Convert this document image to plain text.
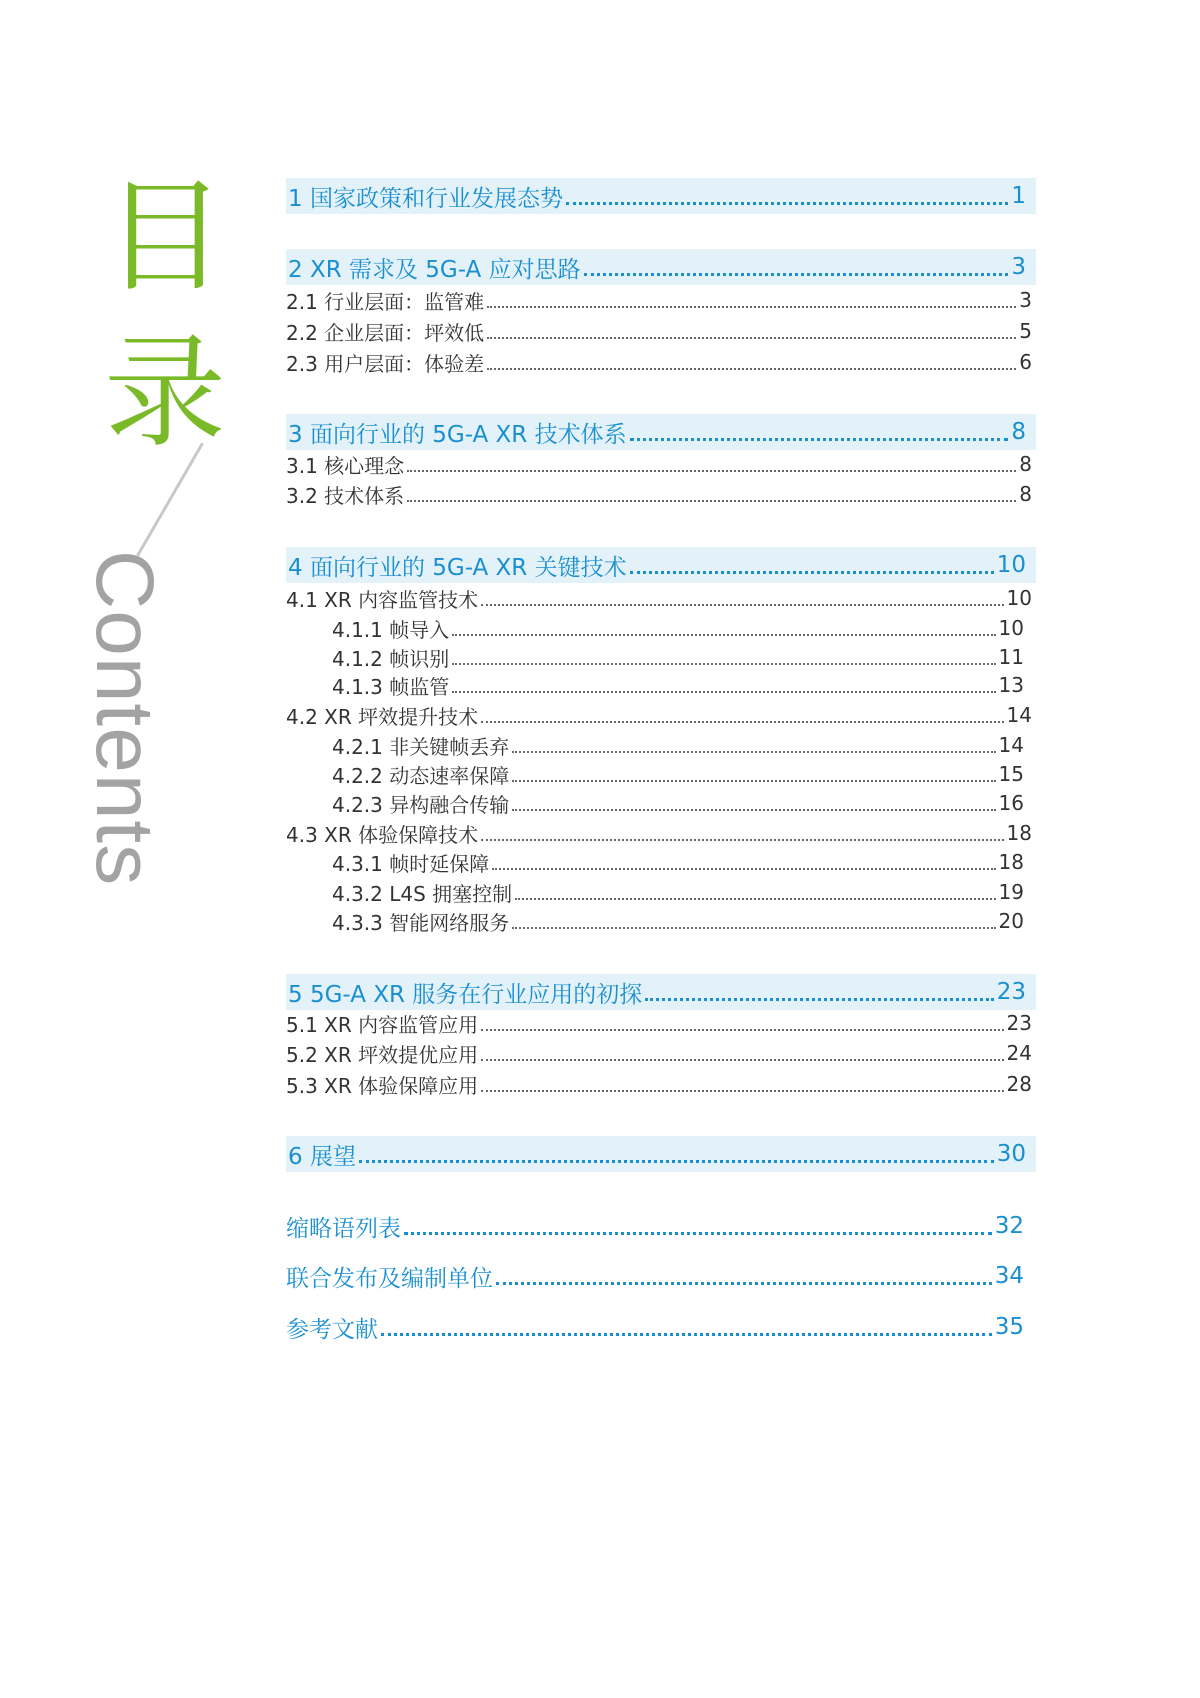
目
录
Contents
1 国家政策和行业发展态势	1
2 XR 需求及 5G-A 应对思路	3
2.1 行业层面：监管难	3
2.2 企业层面：坪效低	5
2.3 用户层面：体验差	6
3 面向行业的 5G-A XR 技术体系	8
3.1 核心理念	8
3.2 技术体系	8
4 面向行业的 5G-A XR 关键技术	10
4.1 XR 内容监管技术	10
4.1.1 帧导入	10
4.1.2 帧识别	11
4.1.3 帧监管	13
4.2 XR 坪效提升技术	14
4.2.1 非关键帧丢弃	14
4.2.2 动态速率保障	15
4.2.3 异构融合传输	16
4.3 XR 体验保障技术	18
4.3.1 帧时延保障	18
4.3.2 L4S 拥塞控制	19
4.3.3 智能网络服务	20
5 5G-A XR 服务在行业应用的初探	23
5.1 XR 内容监管应用	23
5.2 XR 坪效提优应用	24
5.3 XR 体验保障应用	28
6 展望	30
缩略语列表	32
联合发布及编制单位	34
参考文献	35
